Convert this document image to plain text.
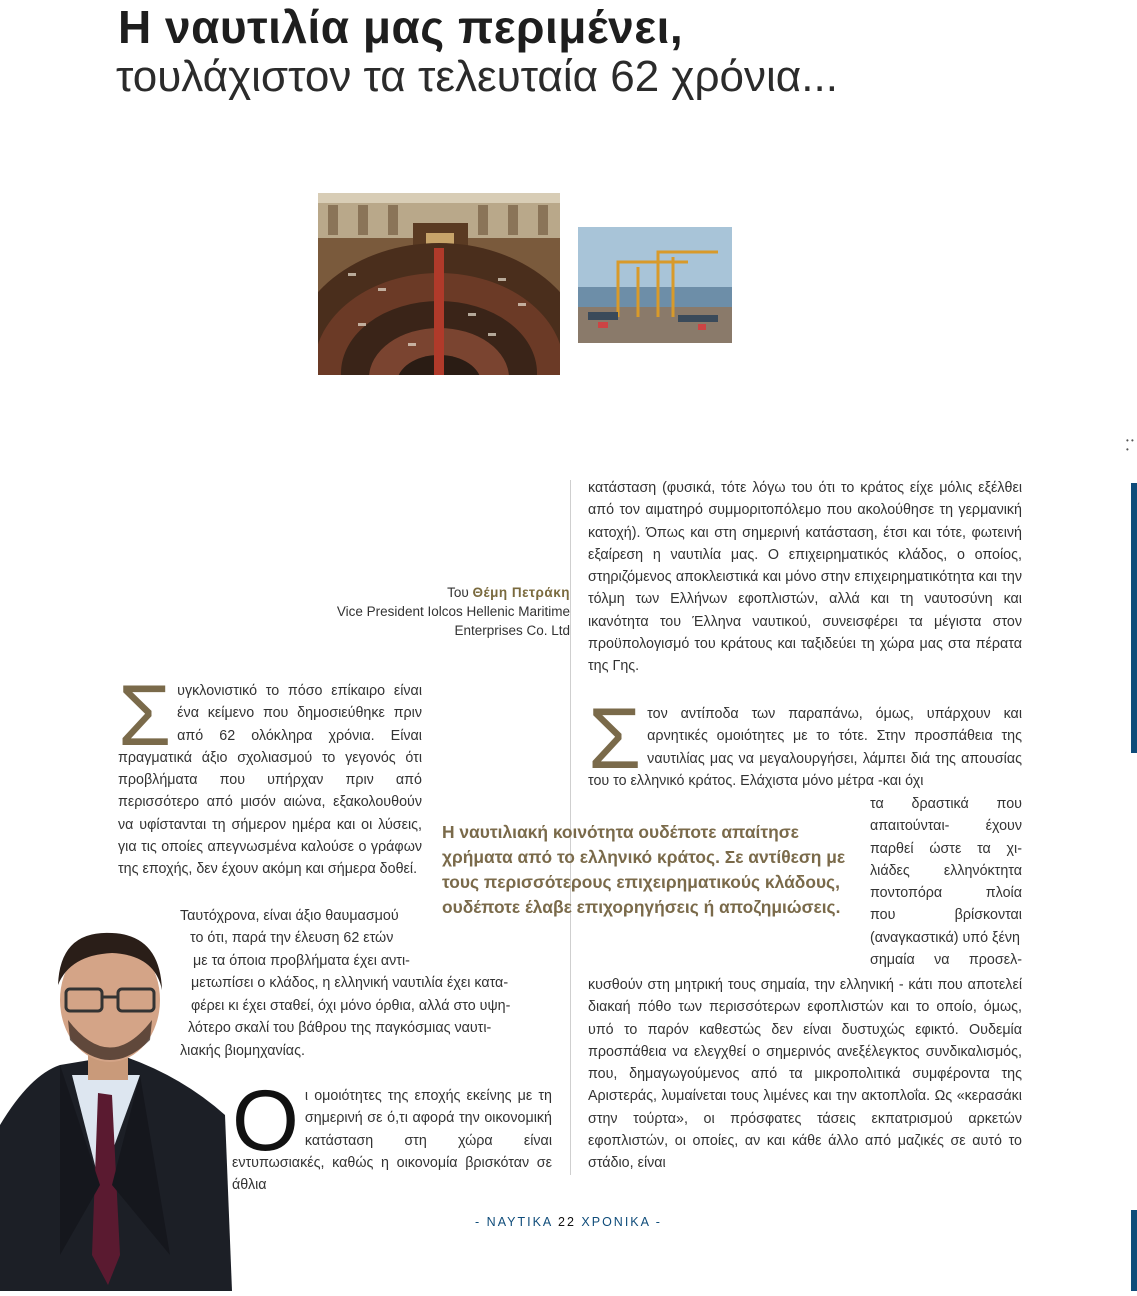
Η ναυτιλία μας περιμένει,
τουλάχιστον τα τελευταία 62 χρόνια...
• • •
Του Θέμη Πετράκη
Vice President Iolcos Hellenic Maritime
Enterprises Co. Ltd

Συγκλονιστικό το πόσο επίκαιρο είναι ένα κείμενο που δημοσιεύθηκε πριν από 62 ολόκληρα χρόνια. Είναι πραγματικά άξιο σχολιασμού το γεγονός ότι προβλήματα που υπήρχαν πριν από περισσότερο από μισόν αιώνα, εξακολουθούν να υφίστανται τη σήμερον ημέρα και οι λύσεις, για τις οποίες απεγνωσμένα καλούσε ο γράφων της εποχής, δεν έχουν ακόμη και σήμερα δοθεί.

Ταυτόχρονα, είναι άξιο θαυμασμού
το ότι, παρά την έλευση 62 ετών
με τα όποια προβλήματα έχει αντι-
μετωπίσει ο κλάδος, η ελληνική ναυτιλία έχει κατα-
φέρει κι έχει σταθεί, όχι μόνο όρθια, αλλά στο υψη-
λότερο σκαλί του βάθρου της παγκόσμιας ναυτι-
λιακής βιομηχανίας.

Οι ομοιότητες της εποχής εκείνης με τη σημερινή σε ό,τι αφορά την οικονομική κατάσταση στη χώρα είναι εντυπωσιακές, καθώς η οικονομία βρισκόταν σε άθλια

κατάσταση (φυσικά, τότε λόγω του ότι το κράτος είχε μόλις εξέλθει από τον αιματηρό συμμοριτοπόλεμο που ακολούθησε τη γερμανική κατοχή). Όπως και στη σημερινή κατάσταση, έτσι και τότε, φωτεινή εξαίρεση η ναυτιλία μας. Ο επιχειρηματικός κλάδος, ο οποίος, στηριζόμενος αποκλειστικά και μόνο στην επιχειρηματικότητα και την τόλμη των Ελλήνων εφοπλιστών, αλλά και τη ναυτοσύνη και ικανότητα του Έλληνα ναυτικού, συνεισφέρει τα μέγιστα στον προϋπολογισμό του κράτους και ταξιδεύει τη χώρα μας στα πέρατα της Γης.

Στον αντίποδα των παραπάνω, όμως, υπάρχουν και αρνητικές ομοιότητες με το τότε. Στην προσπάθεια της ναυτιλίας μας να μεγαλουργήσει, λάμπει διά της απουσίας του το ελληνικό κράτος. Ελάχιστα μόνο μέτρα -και όχι

τα δραστικά που
απαιτούνται- έχουν
παρθεί ώστε τα χι-
λιάδες ελληνόκτητα
ποντοπόρα πλοία
που βρίσκονται (αναγκαστικά) υπό ξένη
σημαία να προσελ-

κυσθούν στη μητρική τους σημαία, την ελληνική - κάτι που αποτελεί διακαή πόθο των περισσότερων εφοπλιστών και το οποίο, όμως, υπό το παρόν καθεστώς δεν είναι δυστυχώς εφικτό. Ουδεμία προσπάθεια να ελεγχθεί ο σημερινός ανεξέλεγκτος συνδικαλισμός, που, δημαγωγούμενος από τα μικροπολιτικά συμφέροντα της Αριστεράς, λυμαίνεται τους λιμένες και την ακτοπλοΐα. Ως «κερασάκι στην τούρτα», οι πρόσφατες τάσεις εκπατρισμού αρκετών εφοπλιστών, οι οποίες, αν και κάθε άλλο από μαζικές σε αυτό το στάδιο, είναι

Η ναυτιλιακή κοινότητα ουδέποτε απαίτησε χρήματα από το ελληνικό κράτος. Σε αντίθεση με τους περισσότερους επιχειρηματικούς κλάδους, ουδέποτε έλαβε επιχορηγήσεις ή αποζημιώσεις.
- ΝΑΥΤΙΚΑ 22 ΧΡΟΝΙΚΑ -
